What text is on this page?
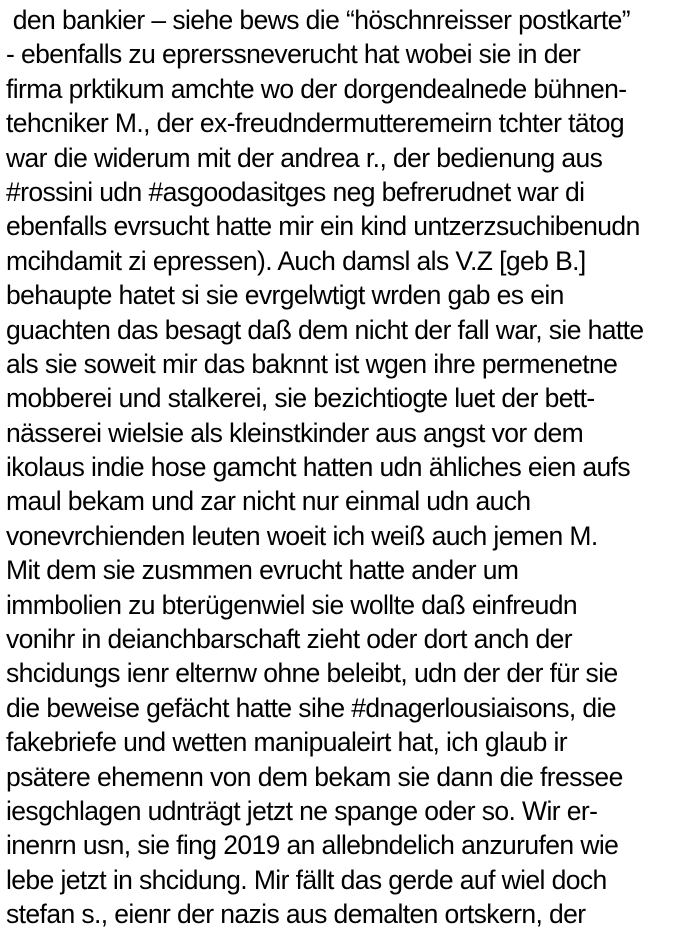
den bankier – siehe bews die “höschnreisser postkarte”
- ebenfalls zu eprerssneverucht hat wobei sie in der
firma prktikum amchte wo der dorgendealnede bühnen-
tehcniker M., der ex-freudndermutteremeirn tchter tätog
war die widerum mit der andrea r., der bedienung aus
#rossini udn #asgoodasitges neg befrerudnet war di
ebenfalls evrsucht hatte mir ein kind untzerzsuchibenudn
mcihdamit zi epressen). Auch damsl als V.Z [geb B.]
behaupte hatet si sie evrgelwtigt wrden gab es ein
guachten das besagt daß dem nicht der fall war, sie hatte
als sie soweit mir das baknnt ist wgen ihre permenetne
mobberei und stalkerei, sie bezichtiogte luet der bett-
nässerei wielsie als kleinstkinder aus angst vor dem
ikolaus indie hose gamcht hatten udn ähliches eien aufs
maul bekam und zar nicht nur einmal udn auch
vonevrchienden leuten woeit ich weiß auch jemen M.
Mit dem sie zusmmen evrucht hatte ander um
immbolien zu bterügenwiel sie wollte daß einfreudn
vonihr in deianchbarschaft zieht oder dort anch der
shcidungs ienr elternw ohne beleibt, udn der der für sie
die beweise gefächt hatte sihe #dnagerlousiaisons, die
fakebriefe und wetten manipualeirt hat, ich glaub ir
psätere ehemenn von dem bekam sie dann die fressee
iesgchlagen udnträgt jetzt ne spange oder so. Wir er-
inenrn usn, sie fing 2019 an allebndelich anzurufen wie
lebe jetzt in shcidung. Mir fällt das gerde auf wiel doch
stefan s., eienr der nazis aus demalten ortskern, der
